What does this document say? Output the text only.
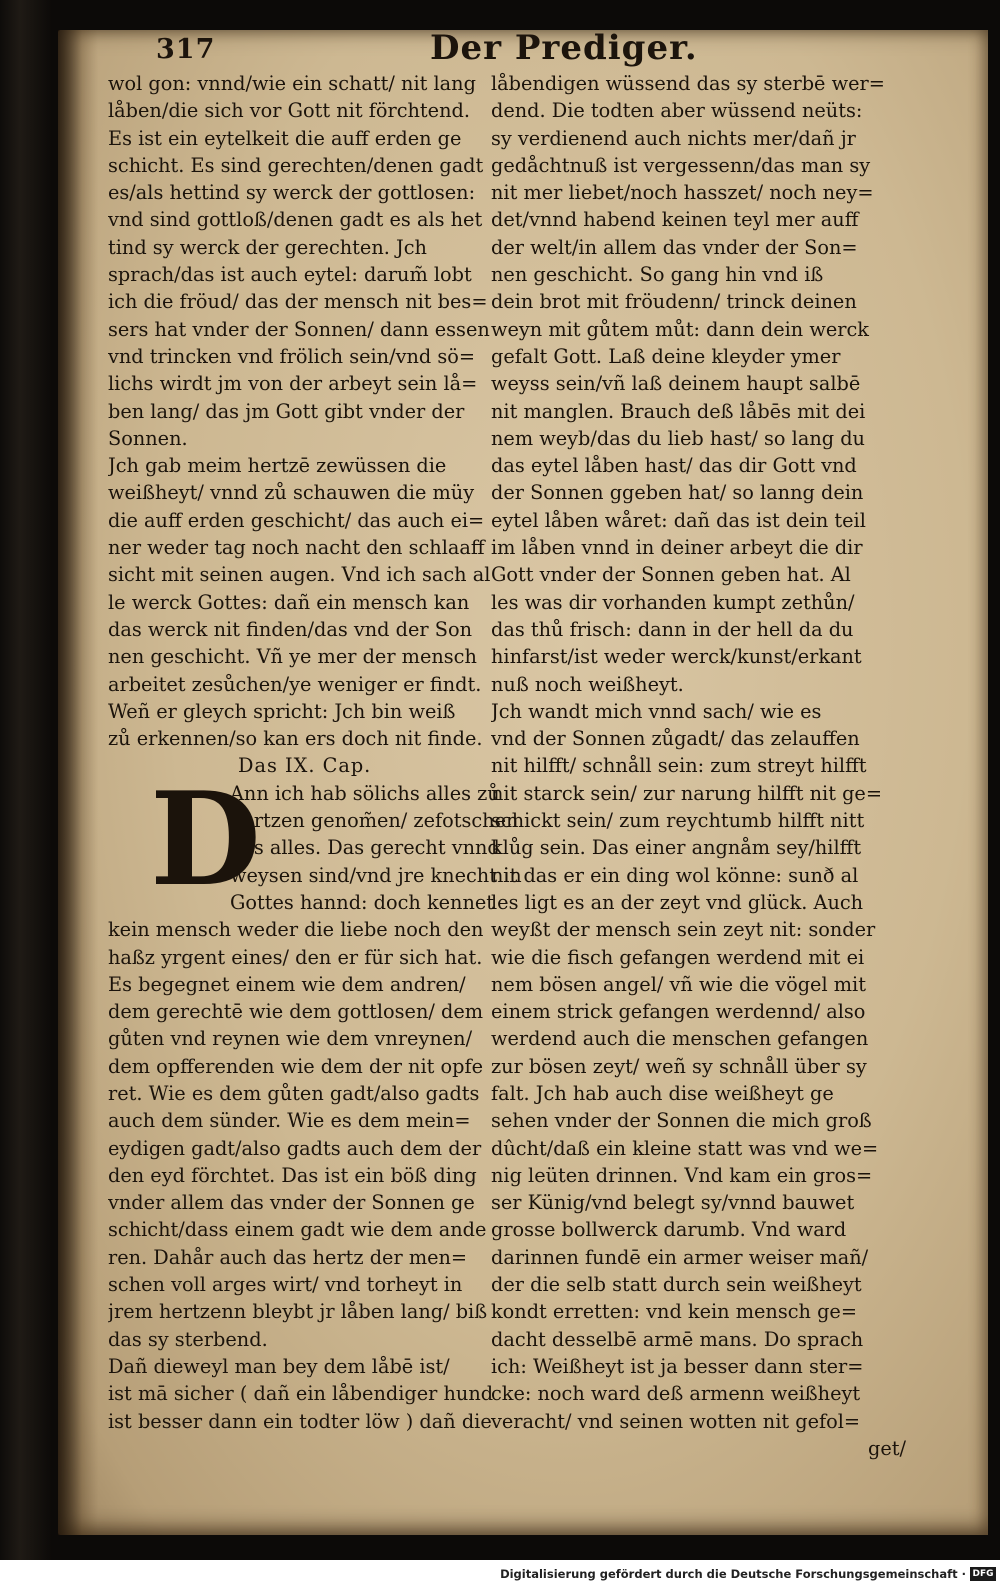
317	Der Prediger.
wol gon: vnnd/wie ein schatt/ nit lang
låben/die sich vor Gott nit förchtend.
Es ist ein eytelkeit die auff erden ge
schicht. Es sind gerechten/denen gadt
es/als hettind sy werck der gottlosen:
vnd sind gottloß/denen gadt es als het
tind sy werck der gerechten. Jch
sprach/das ist auch eytel: darum̃ lobt
ich die fröud/ das der mensch nit bes=
sers hat vnder der Sonnen/ dann essen
vnd trincken vnd frölich sein/vnd sö=
lichs wirdt jm von der arbeyt sein lå=
ben lang/ das jm Gott gibt vnder der
Sonnen.
Jch gab meim hertzē zewüssen die
weißheyt/ vnnd zů schauwen die müy
die auff erden geschicht/ das auch ei=
ner weder tag noch nacht den schlaaff
sicht mit seinen augen. Vnd ich sach al
le werck Gottes: dañ ein mensch kan
das werck nit finden/das vnd der Son
nen geschicht. Vñ ye mer der mensch
arbeitet zesůchen/ye weniger er findt.
Weñ er gleych spricht: Jch bin weiß
zů erkennen/so kan ers doch nit finde.
Das IX. Cap.
D
Ann ich hab sölichs alles zů
hertzen genom̃en/ zefotschen
das alles. Das gerecht vnnd
weysen sind/vnd jre knecht in
Gottes hannd: doch kennet
kein mensch weder die liebe noch den
haßz yrgent eines/ den er für sich hat.
Es begegnet einem wie dem andren/
dem gerechtē wie dem gottlosen/ dem
gůten vnd reynen wie dem vnreynen/
dem opfferenden wie dem der nit opfe
ret. Wie es dem gůten gadt/also gadts
auch dem sünder. Wie es dem mein=
eydigen gadt/also gadts auch dem der
den eyd förchtet. Das ist ein böß ding
vnder allem das vnder der Sonnen ge
schicht/dass einem gadt wie dem ande
ren. Dahår auch das hertz der men=
schen voll arges wirt/ vnd torheyt in
jrem hertzenn bleybt jr låben lang/ biß
das sy sterbend.
Dañ dieweyl man bey dem låbē ist/
ist mā sicher ( dañ ein låbendiger hund
ist besser dann ein todter löw ) dañ die
låbendigen wüssend das sy sterbē wer=
dend. Die todten aber wüssend neüts:
sy verdienend auch nichts mer/dañ jr
gedåchtnuß ist vergessenn/das man sy
nit mer liebet/noch hasszet/ noch ney=
det/vnnd habend keinen teyl mer auff
der welt/in allem das vnder der Son=
nen geschicht. So gang hin vnd iß
dein brot mit fröudenn/ trinck deinen
weyn mit gůtem můt: dann dein werck
gefalt Gott. Laß deine kleyder ymer
weyss sein/vñ laß deinem haupt salbē
nit manglen. Brauch deß låbēs mit dei
nem weyb/das du lieb hast/ so lang du
das eytel låben hast/ das dir Gott vnd
der Sonnen ggeben hat/ so lanng dein
eytel låben wåret: dañ das ist dein teil
im låben vnnd in deiner arbeyt die dir
Gott vnder der Sonnen geben hat. Al
les was dir vorhanden kumpt zethůn/
das thů frisch: dann in der hell da du
hinfarst/ist weder werck/kunst/erkant
nuß noch weißheyt.
Jch wandt mich vnnd sach/ wie es
vnd der Sonnen zůgadt/ das zelauffen
nit hilfft/ schnåll sein: zum streyt hilfft
nit starck sein/ zur narung hilfft nit ge=
schickt sein/ zum reychtumb hilfft nitt
klůg sein. Das einer angnåm sey/hilfft
nit das er ein ding wol könne: sunð al
les ligt es an der zeyt vnd glück. Auch
weyßt der mensch sein zeyt nit: sonder
wie die fisch gefangen werdend mit ei
nem bösen angel/ vñ wie die vögel mit
einem strick gefangen werdennd/ also
werdend auch die menschen gefangen
zur bösen zeyt/ weñ sy schnåll über sy
falt. Jch hab auch dise weißheyt ge
sehen vnder der Sonnen die mich groß
dûcht/daß ein kleine statt was vnd we=
nig leüten drinnen. Vnd kam ein gros=
ser Künig/vnd belegt sy/vnnd bauwet
grosse bollwerck darumb. Vnd ward
darinnen fundē ein armer weiser mañ/
der die selb statt durch sein weißheyt
kondt erretten: vnd kein mensch ge=
dacht desselbē armē mans. Do sprach
ich: Weißheyt ist ja besser dann ster=
cke: noch ward deß armenn weißheyt
veracht/ vnd seinen wotten nit gefol=
get/
Digitalisierung gefördert durch die Deutsche Forschungsgemeinschaft · DFG
